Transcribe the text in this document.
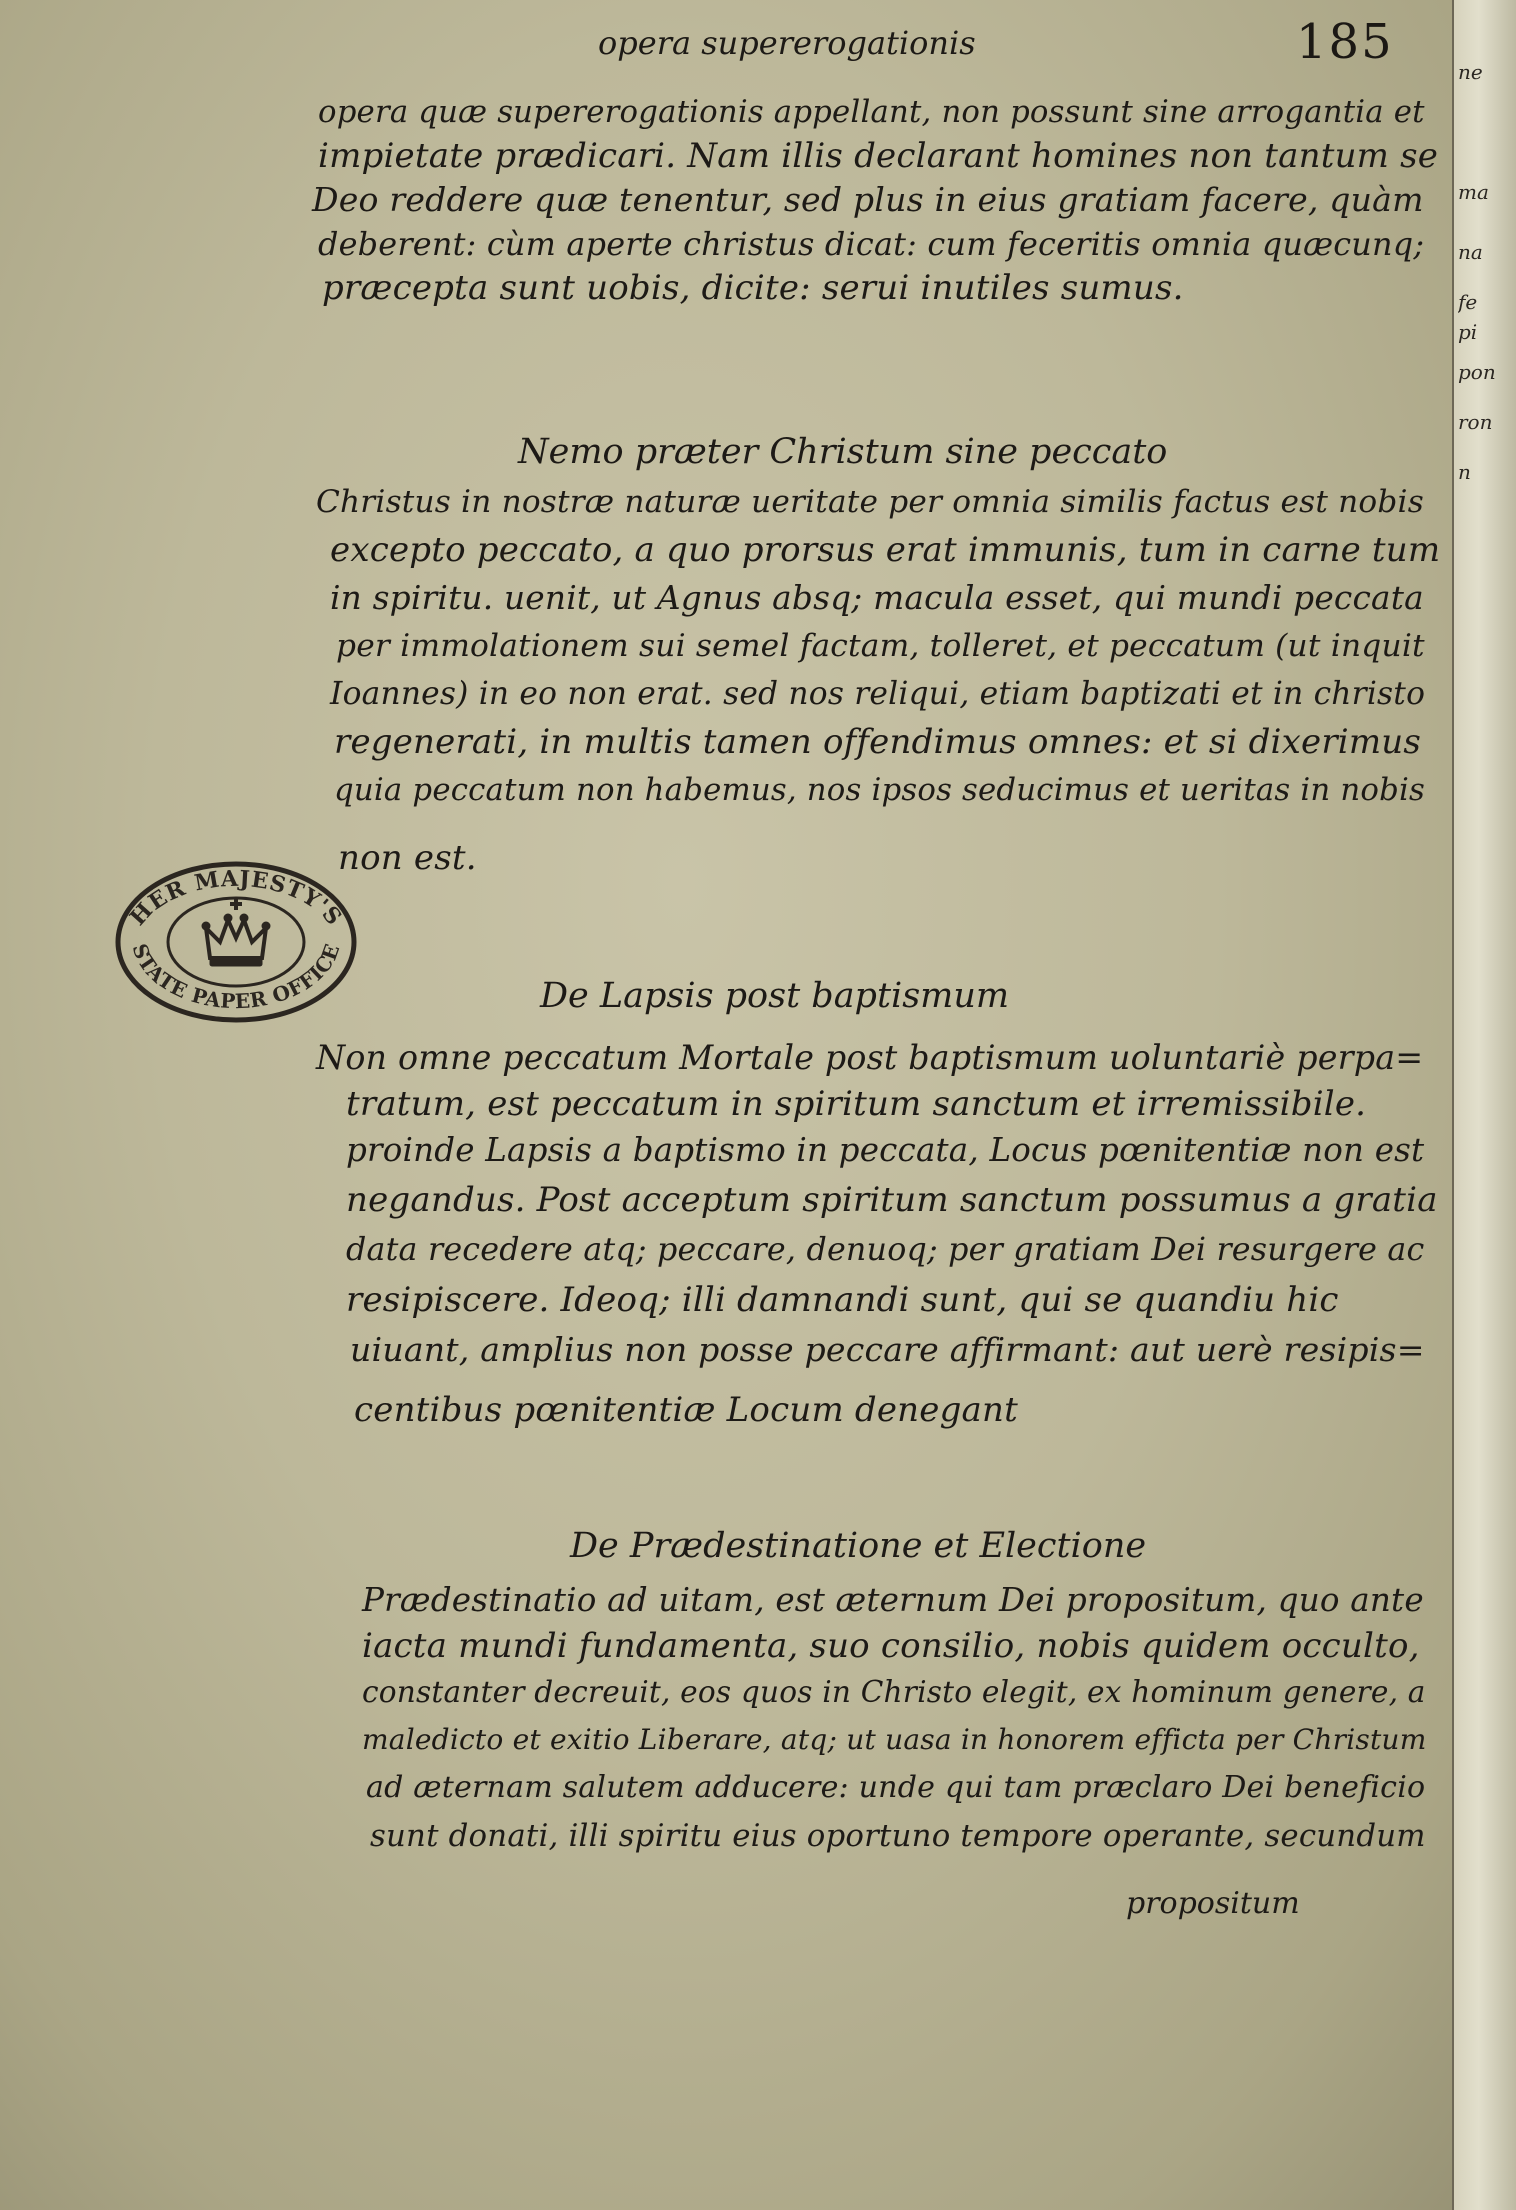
ne
ma
na
fe
pi
pon
ron
n
opera supererogationis	185
opera quæ supererogationis appellant, non possunt sine arrogantia et
impietate prædicari. Nam illis declarant homines non tantum se
Deo reddere quæ tenentur, sed plus in eius gratiam facere, quàm
deberent: cùm aperte christus dicat: cum feceritis omnia quæcunq;
præcepta sunt uobis, dicite: serui inutiles sumus.
Nemo præter Christum sine peccato
Christus in nostræ naturæ ueritate per omnia similis factus est nobis
excepto peccato, a quo prorsus erat immunis, tum in carne tum
in spiritu. uenit, ut Agnus absq; macula esset, qui mundi peccata
per immolationem sui semel factam, tolleret, et peccatum (ut inquit
Ioannes) in eo non erat. sed nos reliqui, etiam baptizati et in christo
regenerati, in multis tamen offendimus omnes: et si dixerimus
quia peccatum non habemus, nos ipsos seducimus et ueritas in nobis
non est.
HER MAJESTY'S
STATE PAPER OFFICE
De Lapsis post baptismum
Non omne peccatum Mortale post baptismum uoluntariè perpa=
tratum, est peccatum in spiritum sanctum et irremissibile.
proinde Lapsis a baptismo in peccata, Locus pœnitentiæ non est
negandus. Post acceptum spiritum sanctum possumus a gratia
data recedere atq; peccare, denuoq; per gratiam Dei resurgere ac
resipiscere. Ideoq; illi damnandi sunt, qui se quandiu hic
uiuant, amplius non posse peccare affirmant: aut uerè resipis=
centibus pœnitentiæ Locum denegant
De Prædestinatione et Electione
Prædestinatio ad uitam, est æternum Dei propositum, quo ante
iacta mundi fundamenta, suo consilio, nobis quidem occulto,
constanter decreuit, eos quos in Christo elegit, ex hominum genere, a
maledicto et exitio Liberare, atq; ut uasa in honorem efficta per Christum
ad æternam salutem adducere: unde qui tam præclaro Dei beneficio
sunt donati, illi spiritu eius oportuno tempore operante, secundum
propositum
